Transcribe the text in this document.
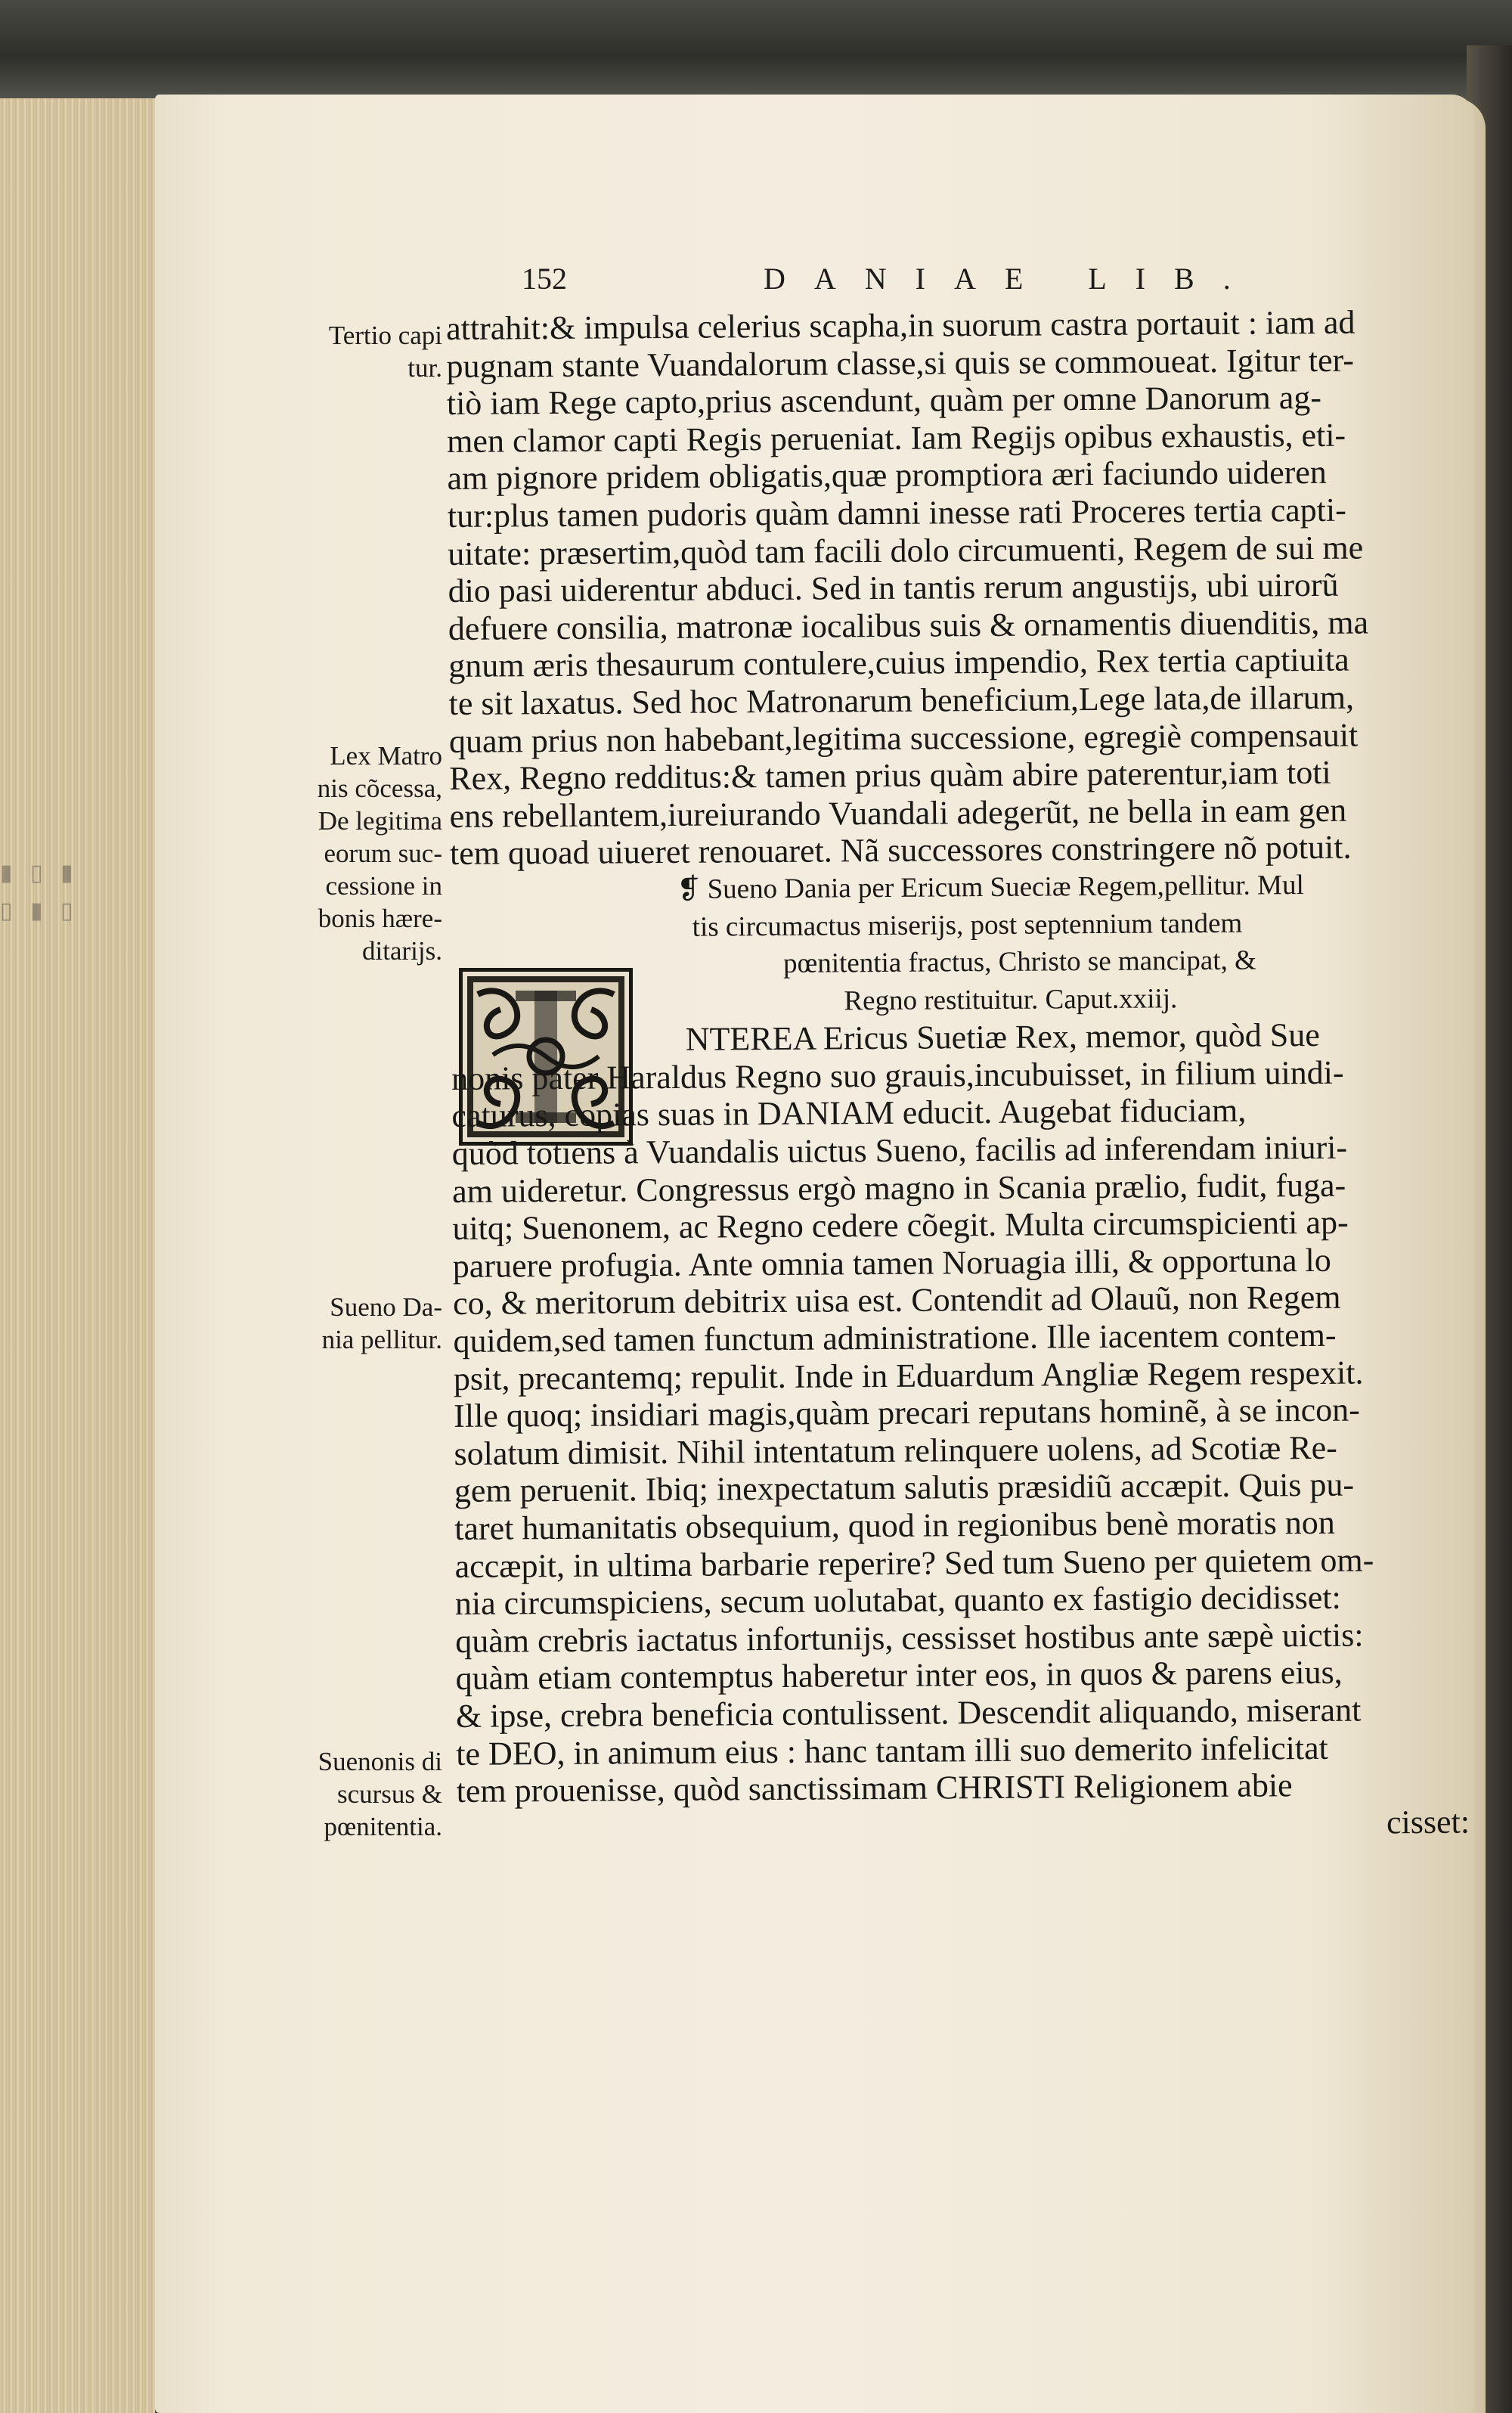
▮ ▯ ▮
▯ ▮ ▯
152	DANIAE LIB.
Tertio capi
tur.
Lex Matro
nis cõcessa,
De legitima
eorum suc-
cessione in
bonis hære-
ditarijs.
Sueno Da-
nia pellitur.
Suenonis di
scursus &
pœnitentia.
attrahit:& impulsa celerius scapha,in suorum castra portauit : iam ad
pugnam stante Vuandalorum classe,si quis se commoueat. Igitur ter-
tiò iam Rege capto,prius ascendunt, quàm per omne Danorum ag-
men clamor capti Regis perueniat. Iam Regijs opibus exhaustis, eti-
am pignore pridem obligatis,quæ promptiora æri faciundo uideren
tur:plus tamen pudoris quàm damni inesse rati Proceres tertia capti-
uitate: præsertim,quòd tam facili dolo circumuenti, Regem de sui me
dio pasi uiderentur abduci. Sed in tantis rerum angustijs, ubi uirorũ
defuere consilia, matronæ iocalibus suis & ornamentis diuenditis, ma
gnum æris thesaurum contulere,cuius impendio, Rex tertia captiuita
te sit laxatus. Sed hoc Matronarum beneficium,Lege lata,de illarum,
quam prius non habebant,legitima successione, egregiè compensauit
Rex, Regno redditus:& tamen prius quàm abire paterentur,iam toti
ens rebellantem,iureiurando Vuandali adegerũt, ne bella in eam gen
tem quoad uiueret renouaret. Nã successores constringere nõ potuit.
❡ Sueno Dania per Ericum Sueciæ Regem,pellitur. Mul
tis circumactus miserijs, post septennium tandem
pœnitentia fractus, Christo se mancipat, &
Regno restituitur. Caput.xxiij.
NTEREA Ericus Suetiæ Rex, memor, quòd Sue
nonis pater Haraldus Regno suo grauis,incubuisset, in filium uindi-
caturus, copias suas in DANIAM educit. Augebat fiduciam,
quòd totiens à Vuandalis uictus Sueno, facilis ad inferendam iniuri-
am uideretur. Congressus ergò magno in Scania prælio, fudit, fuga-
uitq; Suenonem, ac Regno cedere cõegit. Multa circumspicienti ap-
paruere profugia. Ante omnia tamen Noruagia illi, & opportuna lo
co, & meritorum debitrix uisa est. Contendit ad Olauũ, non Regem
quidem,sed tamen functum administratione. Ille iacentem contem-
psit, precantemq; repulit. Inde in Eduardum Angliæ Regem respexit.
Ille quoq; insidiari magis,quàm precari reputans hominẽ, à se incon-
solatum dimisit. Nihil intentatum relinquere uolens, ad Scotiæ Re-
gem peruenit. Ibiq; inexpectatum salutis præsidiũ accæpit. Quis pu-
taret humanitatis obsequium, quod in regionibus benè moratis non
accæpit, in ultima barbarie reperire? Sed tum Sueno per quietem om-
nia circumspiciens, secum uolutabat, quanto ex fastigio decidisset:
quàm crebris iactatus infortunijs, cessisset hostibus ante sæpè uictis:
quàm etiam contemptus haberetur inter eos, in quos & parens eius,
& ipse, crebra beneficia contulissent. Descendit aliquando, miserant
te DEO, in animum eius : hanc tantam illi suo demerito infelicitat
tem prouenisse, quòd sanctissimam CHRISTI Religionem abie
cisset:
